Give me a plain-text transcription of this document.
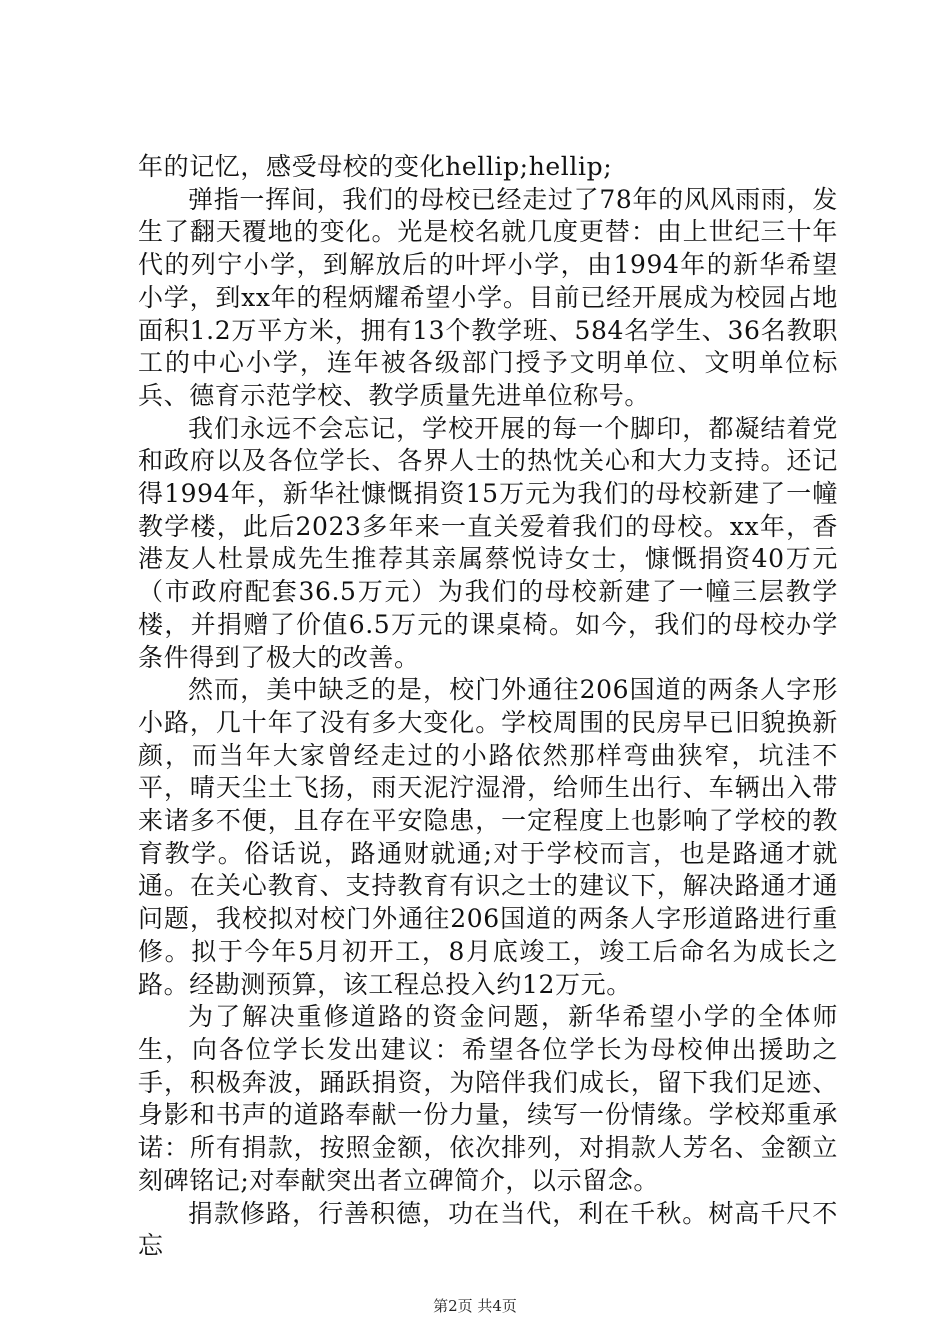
年的记忆，感受母校的变化hellip;hellip;

弹指一挥间，我们的母校已经走过了78年的风风雨雨，发生了翻天覆地的变化。光是校名就几度更替：由上世纪三十年代的列宁小学，到解放后的叶坪小学，由1994年的新华希望小学，到xx年的程炳耀希望小学。目前已经开展成为校园占地面积1.2万平方米，拥有13个教学班、584名学生、36名教职工的中心小学，连年被各级部门授予文明单位、文明单位标兵、德育示范学校、教学质量先进单位称号。

我们永远不会忘记，学校开展的每一个脚印，都凝结着党和政府以及各位学长、各界人士的热忱关心和大力支持。还记得1994年，新华社慷慨捐资15万元为我们的母校新建了一幢教学楼，此后2023多年来一直关爱着我们的母校。xx年，香港友人杜景成先生推荐其亲属蔡悦诗女士，慷慨捐资40万元（市政府配套36.5万元）为我们的母校新建了一幢三层教学楼，并捐赠了价值6.5万元的课桌椅。如今，我们的母校办学条件得到了极大的改善。

然而，美中缺乏的是，校门外通往206国道的两条人字形小路，几十年了没有多大变化。学校周围的民房早已旧貌换新颜，而当年大家曾经走过的小路依然那样弯曲狭窄，坑洼不平，晴天尘土飞扬，雨天泥泞湿滑，给师生出行、车辆出入带来诸多不便，且存在平安隐患，一定程度上也影响了学校的教育教学。俗话说，路通财就通;对于学校而言，也是路通才就通。在关心教育、支持教育有识之士的建议下，解决路通才通问题，我校拟对校门外通往206国道的两条人字形道路进行重修。拟于今年5月初开工，8月底竣工，竣工后命名为成长之路。经勘测预算，该工程总投入约12万元。

为了解决重修道路的资金问题，新华希望小学的全体师生，向各位学长发出建议：希望各位学长为母校伸出援助之手，积极奔波，踊跃捐资，为陪伴我们成长，留下我们足迹、身影和书声的道路奉献一份力量，续写一份情缘。学校郑重承诺：所有捐款，按照金额，依次排列，对捐款人芳名、金额立刻碑铭记;对奉献突出者立碑简介，以示留念。

捐款修路，行善积德，功在当代，利在千秋。树高千尺不忘

第2页 共4页
